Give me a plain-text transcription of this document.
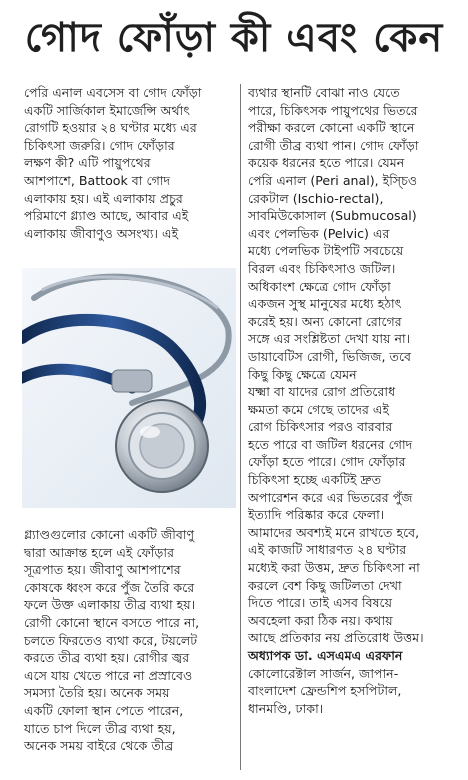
গোদ ফোঁড়া কী এবং কেন
পেরি এনাল এবসেস বা গোদ ফোঁড়া
একটি সার্জিকাল ইমার্জেন্সি অর্থাৎ
রোগটি হওয়ার ২৪ ঘণ্টার মধ্যে এর
চিকিৎসা জরুরি। গোদ ফোঁড়ার
লক্ষণ কী? এটি পায়ুপথের
আশপাশে, Battook বা গোদ
এলাকায় হয়। এই এলাকায় প্রচুর
পরিমাণে গ্ল্যাণ্ড আছে, আবার এই
এলাকায় জীবাণুও অসংখ্য। এই
গ্ল্যাণ্ডগুলোর কোনো একটি জীবাণু
দ্বারা আক্রান্ত হলে এই ফোঁড়ার
সূত্রপাত হয়। জীবাণু আশপাশের
কোষকে ধ্বংস করে পুঁজ তৈরি করে
ফলে উক্ত এলাকায় তীব্র ব্যথা হয়।
রোগী কোনো স্থানে বসতে পারে না,
চলতে ফিরতেও ব্যথা করে, টয়লেট
করতে তীব্র ব্যথা হয়। রোগীর জ্বর
এসে যায় খেতে পারে না প্রস্রাবেও
সমস্যা তৈরি হয়। অনেক সময়
একটি ফোলা স্থান পেতে পারেন,
যাতে চাপ দিলে তীব্র ব্যথা হয়,
অনেক সময় বাইরে থেকে তীব্র
ব্যথার স্থানটি বোঝা নাও যেতে
পারে, চিকিৎসক পায়ুপথের ভিতরে
পরীক্ষা করলে কোনো একটি স্থানে
রোগী তীব্র ব্যথা পান। গোদ ফোঁড়া
কয়েক ধরনের হতে পারে। যেমন
পেরি এনাল (Peri anal), ইস্চিও
রেকটাল (Ischio-rectal),
সাবমিউকোসাল (Submucosal)
এবং পেলভিক (Pelvic) এর
মধ্যে পেলভিক টাইপটি সবচেয়ে
বিরল এবং চিকিৎসাও জটিল।
অধিকাংশ ক্ষেত্রে গোদ ফোঁড়া
একজন সুস্থ মানুষের মধ্যে হঠাৎ
করেই হয়। অন্য কোনো রোগের
সঙ্গে এর সংশ্লিষ্টতা দেখা যায় না।
ডায়াবেটিস রোগী, ভিজিজ, তবে
কিছু কিছু ক্ষেত্রে যেমন
যক্ষ্মা বা যাদের রোগ প্রতিরোধ
ক্ষমতা কমে গেছে তাদের এই
রোগ চিকিৎসার পরও বারবার
হতে পারে বা জটিল ধরনের গোদ
ফোঁড়া হতে পারে। গোদ ফোঁড়ার
চিকিৎসা হচ্ছে একটিই দ্রুত
অপারেশন করে এর ভিতরের পুঁজ
ইত্যাদি পরিষ্কার করে ফেলা।
আমাদের অবশ্যই মনে রাখতে হবে,
এই কাজটি সাধারণত ২৪ ঘণ্টার
মধ্যেই করা উত্তম, দ্রুত চিকিৎসা না
করলে বেশ কিছু জটিলতা দেখা
দিতে পারে। তাই এসব বিষয়ে
অবহেলা করা ঠিক নয়। কথায়
আছে প্রতিকার নয় প্রতিরোধ উত্তম।
অধ্যাপক ডা. এসএমএ এরফান
কোলোরেক্টাল সার্জন, জাপান-
বাংলাদেশ ফ্রেন্ডশিপ হসপিটাল,
ধানমণ্ডি, ঢাকা।
